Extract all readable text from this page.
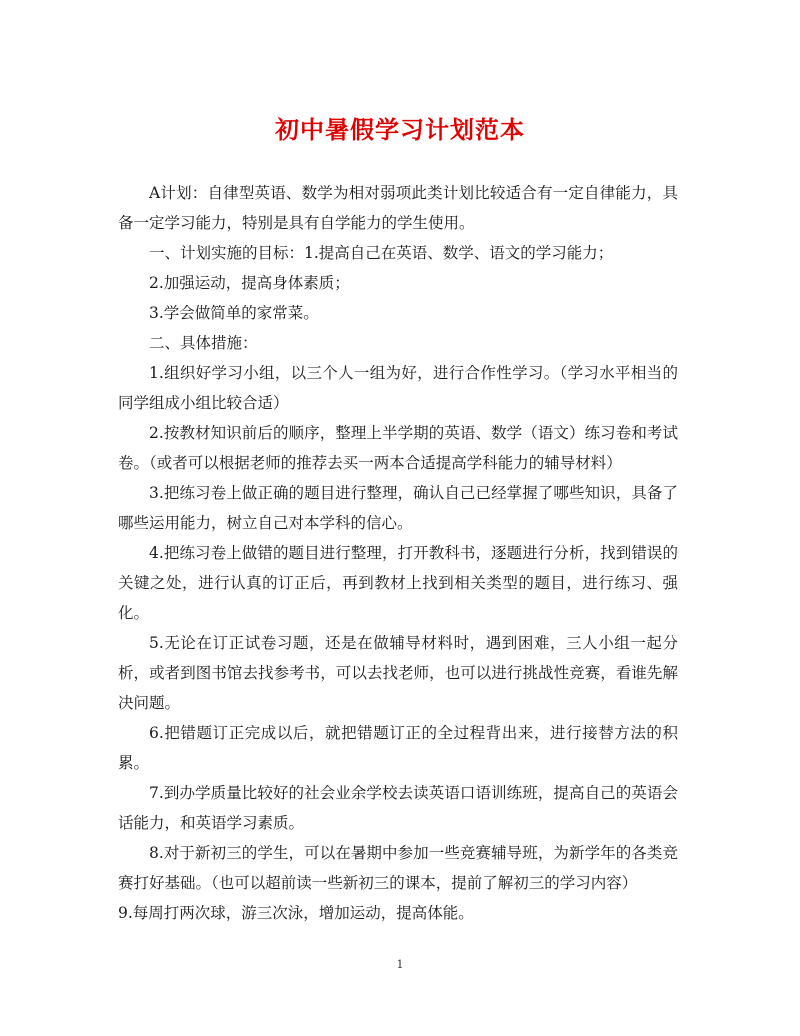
初中暑假学习计划范本

A计划：自律型英语、数学为相对弱项此类计划比较适合有一定自律能力，具备一定学习能力，特别是具有自学能力的学生使用。

一、计划实施的目标：1.提高自己在英语、数学、语文的学习能力；

2.加强运动，提高身体素质；

3.学会做简单的家常菜。

二、具体措施：

1.组织好学习小组，以三个人一组为好，进行合作性学习。（学习水平相当的同学组成小组比较合适）

2.按教材知识前后的顺序，整理上半学期的英语、数学（语文）练习卷和考试卷。（或者可以根据老师的推荐去买一两本合适提高学科能力的辅导材料）

3.把练习卷上做正确的题目进行整理，确认自己已经掌握了哪些知识，具备了哪些运用能力，树立自己对本学科的信心。

4.把练习卷上做错的题目进行整理，打开教科书，逐题进行分析，找到错误的关键之处，进行认真的订正后，再到教材上找到相关类型的题目，进行练习、强化。

5.无论在订正试卷习题，还是在做辅导材料时，遇到困难，三人小组一起分析，或者到图书馆去找参考书，可以去找老师，也可以进行挑战性竞赛，看谁先解决问题。

6.把错题订正完成以后，就把错题订正的全过程背出来，进行接替方法的积累。

7.到办学质量比较好的社会业余学校去读英语口语训练班，提高自己的英语会话能力，和英语学习素质。

8.对于新初三的学生，可以在暑期中参加一些竞赛辅导班，为新学年的各类竞赛打好基础。（也可以超前读一些新初三的课本，提前了解初三的学习内容）

9.每周打两次球，游三次泳，增加运动，提高体能。

1
